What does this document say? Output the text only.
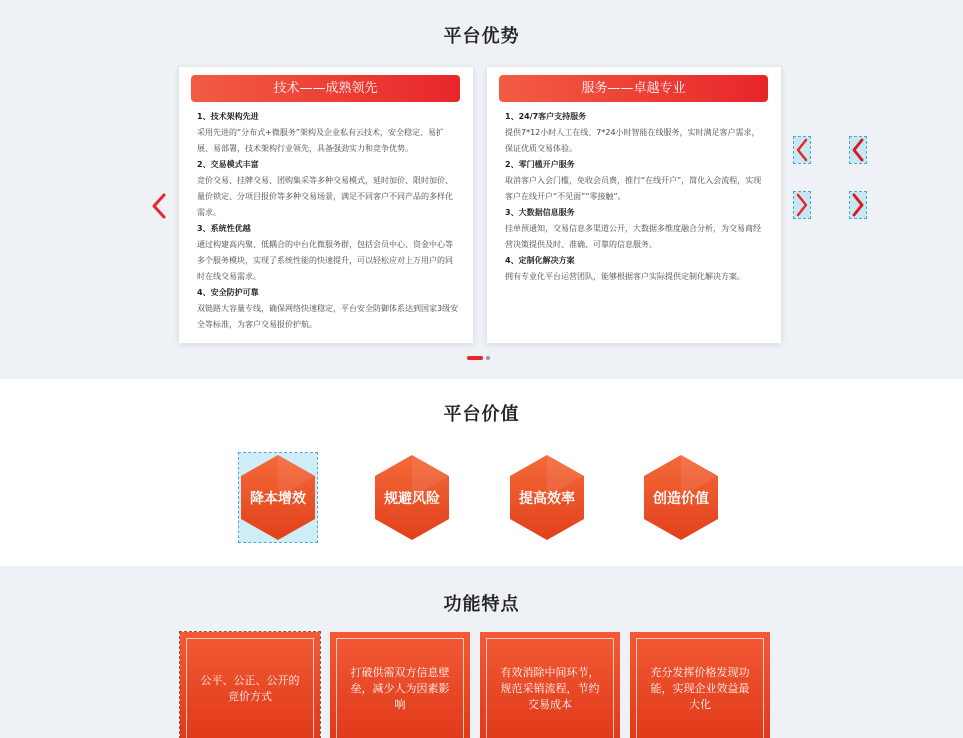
平台优势
技术——成熟领先
1、技术架构先进
采用先进的“分布式+微服务”架构及企业私有云技术，安全稳定、易扩展、易部署，技术架构行业领先，具备强劲实力和竞争优势。
2、交易模式丰富
竞价交易、挂牌交易、团购集采等多种交易模式，延时加价、限时加价、量价锁定、分项目报价等多种交易场景，满足不同客户不同产品的多样化需求。
3、系统性优越
通过构建高内聚、低耦合的中台化微服务群，包括会员中心、资金中心等多个服务模块，实现了系统性能的快速提升，可以轻松应对上万用户的同时在线交易需求。
4、安全防护可靠
双链路大容量专线，确保网络快速稳定，平台安全防御体系达到国家3级安全等标准，为客户交易报价护航。
服务——卓越专业
1、24/7客户支持服务
提供7*12小时人工在线、7*24小时智能在线服务，实时满足客户需求，保证优质交易体验。
2、零门槛开户服务
取消客户入会门槛，免收会员费，推行“在线开户”，简化入会流程，实现客户在线开户“不见面”“零接触”。
3、大数据信息服务
挂单预通知，交易信息多渠道公开，大数据多维度融合分析，为交易商经营决策提供及时、准确、可靠的信息服务。
4、定制化解决方案
拥有专业化平台运营团队，能够根据客户实际提供定制化解决方案。
平台价值
降本增效	规避风险	提高效率	创造价值
功能特点
公平、公正、公开的竞价方式
打破供需双方信息壁垒，减少人为因素影响
有效消除中间环节，规范采销流程，节约交易成本
充分发挥价格发现功能，实现企业效益最大化
